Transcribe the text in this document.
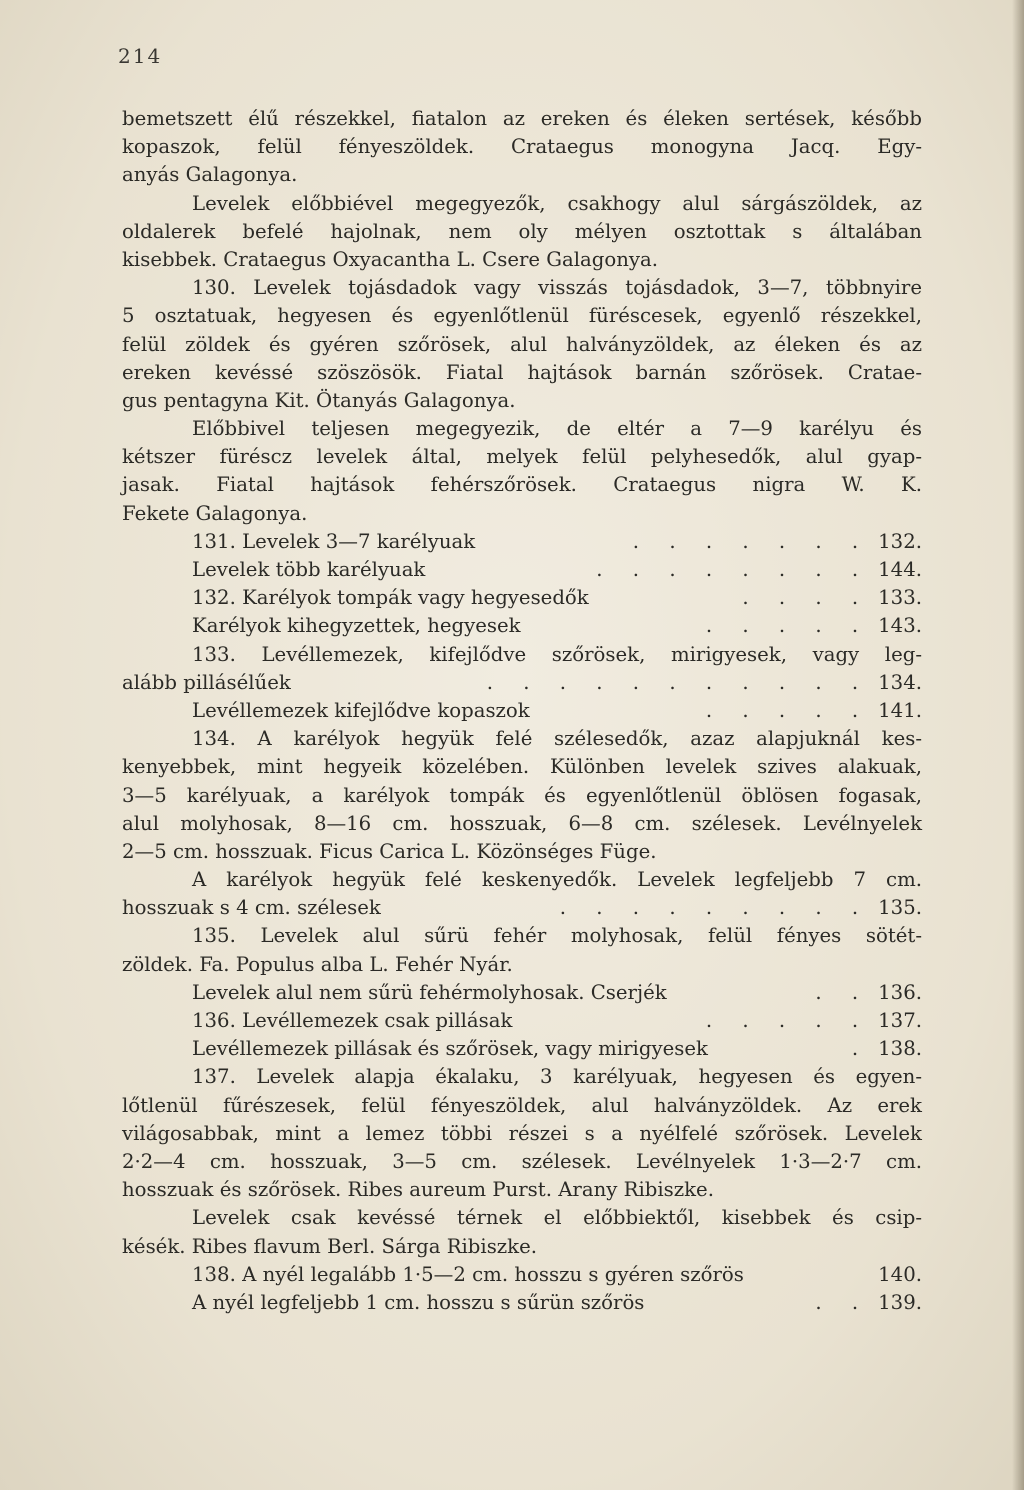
214
bemetszett élű részekkel, fiatalon az ereken és éleken sertések, később
kopaszok, felül fényeszöldek. Crataegus monogyna Jacq. Egy-
anyás Galagonya.
Levelek előbbiével megegyezők, csakhogy alul sárgászöldek, az
oldalerek befelé hajolnak, nem oly mélyen osztottak s általában
kisebbek. Crataegus Oxyacantha L. Csere Galagonya.
130. Levelek tojásdadok vagy visszás tojásdadok, 3—7, többnyire
5 osztatuak, hegyesen és egyenlőtlenül füréscesek, egyenlő részekkel,
felül zöldek és gyéren szőrösek, alul halványzöldek, az éleken és az
ereken kevéssé szöszösök. Fiatal hajtások barnán szőrösek. Cratae-
gus pentagyna Kit. Ötanyás Galagonya.
Előbbivel teljesen megegyezik, de eltér a 7—9 karélyu és
kétszer füréscz levelek által, melyek felül pelyhesedők, alul gyap-
jasak. Fiatal hajtások fehérszőrösek. Crataegus nigra W. K.
Fekete Galagonya.
131. Levelek 3—7 karélyuak	. . . . . . . 132.
Levelek több karélyuak	. . . . . . . . 144.
132. Karélyok tompák vagy hegyesedők	. . . . 133.
Karélyok kihegyzettek, hegyesek	. . . . . 143.
133. Levéllemezek, kifejlődve szőrösek, mirigyesek, vagy leg-
alább pillásélűek	. . . . . . . . . . . 134.
Levéllemezek kifejlődve kopaszok	. . . . . 141.
134. A karélyok hegyük felé szélesedők, azaz alapjuknál kes-
kenyebbek, mint hegyeik közelében. Különben levelek szives alakuak,
3—5 karélyuak, a karélyok tompák és egyenlőtlenül öblösen fogasak,
alul molyhosak, 8—16 cm. hosszuak, 6—8 cm. szélesek. Levélnyelek
2—5 cm. hosszuak. Ficus Carica L. Közönséges Füge.
A karélyok hegyük felé keskenyedők. Levelek legfeljebb 7 cm.
hosszuak s 4 cm. szélesek	. . . . . . . . . 135.
135. Levelek alul sűrü fehér molyhosak, felül fényes sötét-
zöldek. Fa. Populus alba L. Fehér Nyár.
Levelek alul nem sűrü fehérmolyhosak. Cserjék	. . 136.
136. Levéllemezek csak pillásak	. . . . . 137.
Levéllemezek pillásak és szőrösek, vagy mirigyesek	. 138.
137. Levelek alapja ékalaku, 3 karélyuak, hegyesen és egyen-
lőtlenül fűrészesek, felül fényeszöldek, alul halványzöldek. Az erek
világosabbak, mint a lemez többi részei s a nyélfelé szőrösek. Levelek
2·2—4 cm. hosszuak, 3—5 cm. szélesek. Levélnyelek 1·3—2·7 cm.
hosszuak és szőrösek. Ribes aureum Purst. Arany Ribiszke.
Levelek csak kevéssé térnek el előbbiektől, kisebbek és csip-
késék. Ribes flavum Berl. Sárga Ribiszke.
138. A nyél legalább 1·5—2 cm. hosszu s gyéren szőrös	140.
A nyél legfeljebb 1 cm. hosszu s sűrün szőrös	. . 139.
